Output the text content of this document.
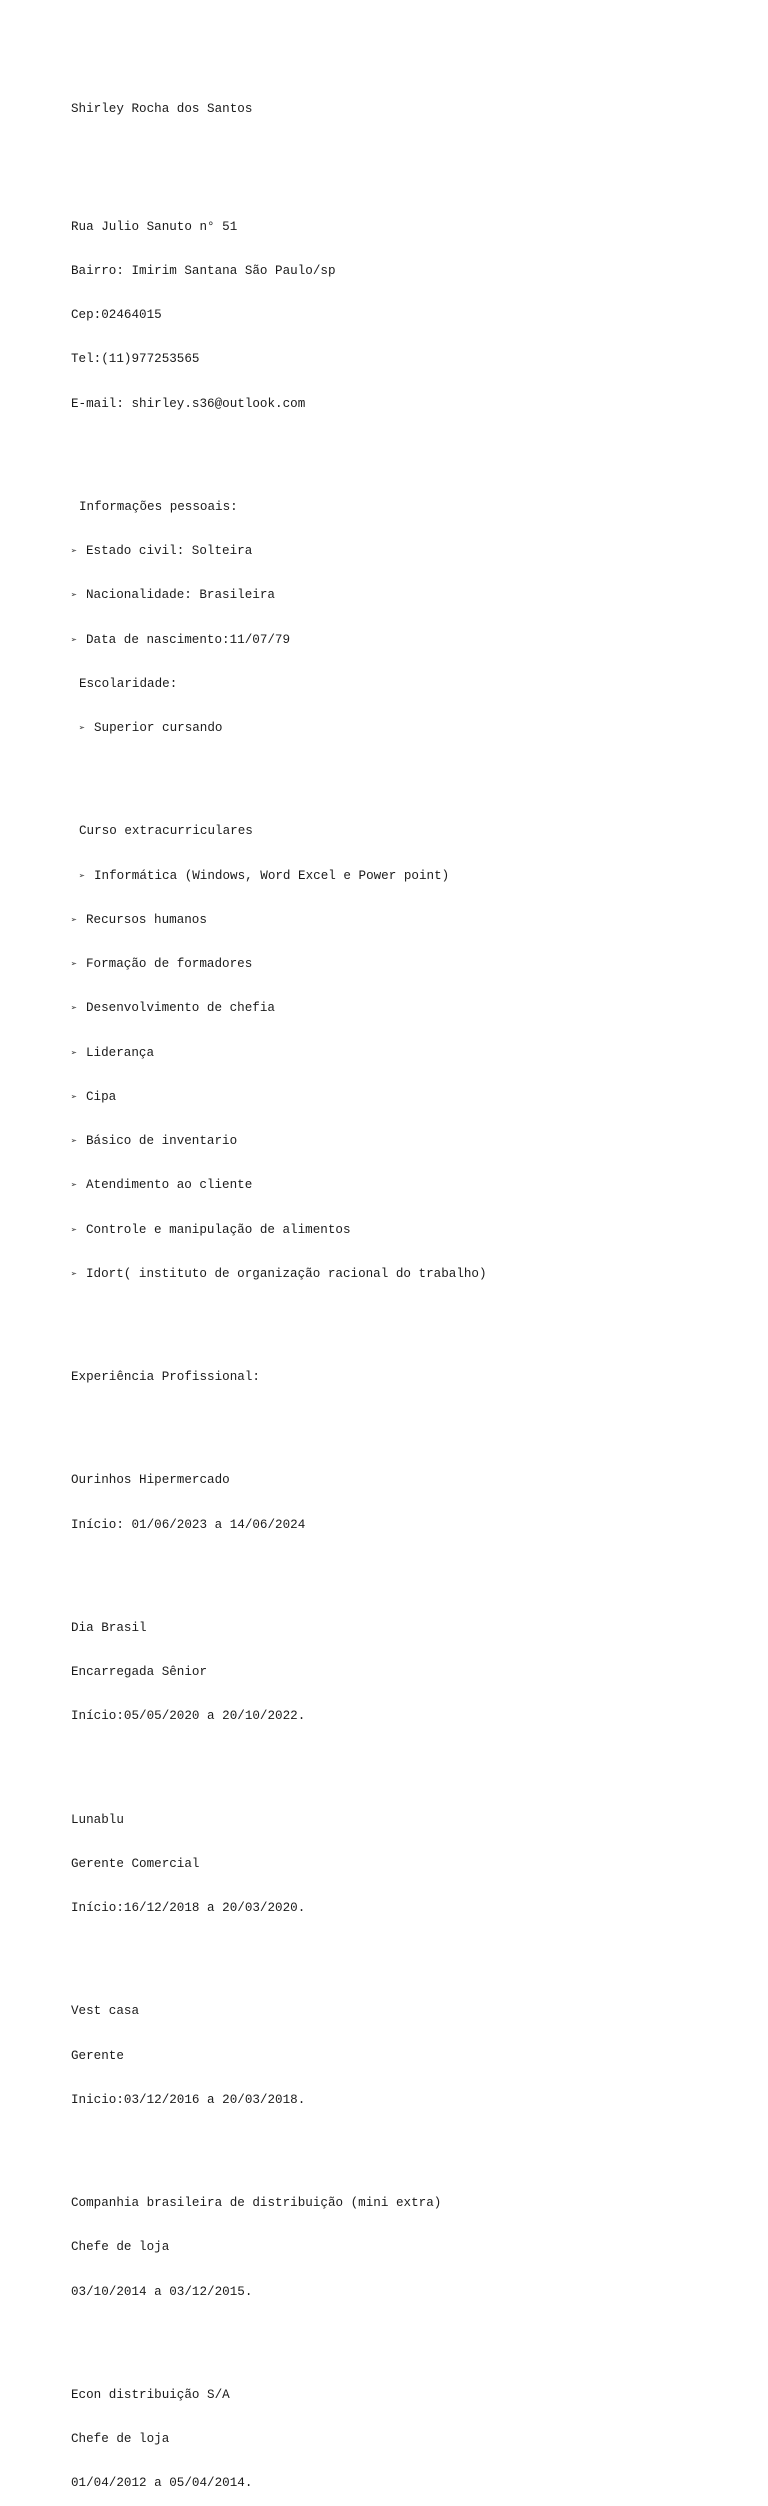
Shirley Rocha dos Santos

Rua Julio Sanuto n° 51

Bairro: Imirim Santana São Paulo/sp

Cep:02464015

Tel:(11)977253565

E-mail: shirley.s36@outlook.com

Informações pessoais:

➢ Estado civil: Solteira

➢ Nacionalidade: Brasileira

➢ Data de nascimento:11/07/79

Escolaridade:

➢ Superior cursando

Curso extracurriculares

➢ Informática (Windows, Word Excel e Power point)

➢ Recursos humanos

➢ Formação de formadores

➢ Desenvolvimento de chefia

➢ Liderança

➢ Cipa

➢ Básico de inventario

➢ Atendimento ao cliente

➢ Controle e manipulação de alimentos

➢ Idort( instituto de organização racional do trabalho)

Experiência Profissional:

Ourinhos Hipermercado

Início: 01/06/2023 a 14/06/2024

Dia Brasil

Encarregada Sênior

Início:05/05/2020 a 20/10/2022.

Lunablu

Gerente Comercial

Início:16/12/2018 a 20/03/2020.

Vest casa

Gerente

Inicio:03/12/2016 a 20/03/2018.

Companhia brasileira de distribuição (mini extra)

Chefe de loja

03/10/2014 a 03/12/2015.

Econ distribuição S/A

Chefe de loja

01/04/2012 a 05/04/2014.
